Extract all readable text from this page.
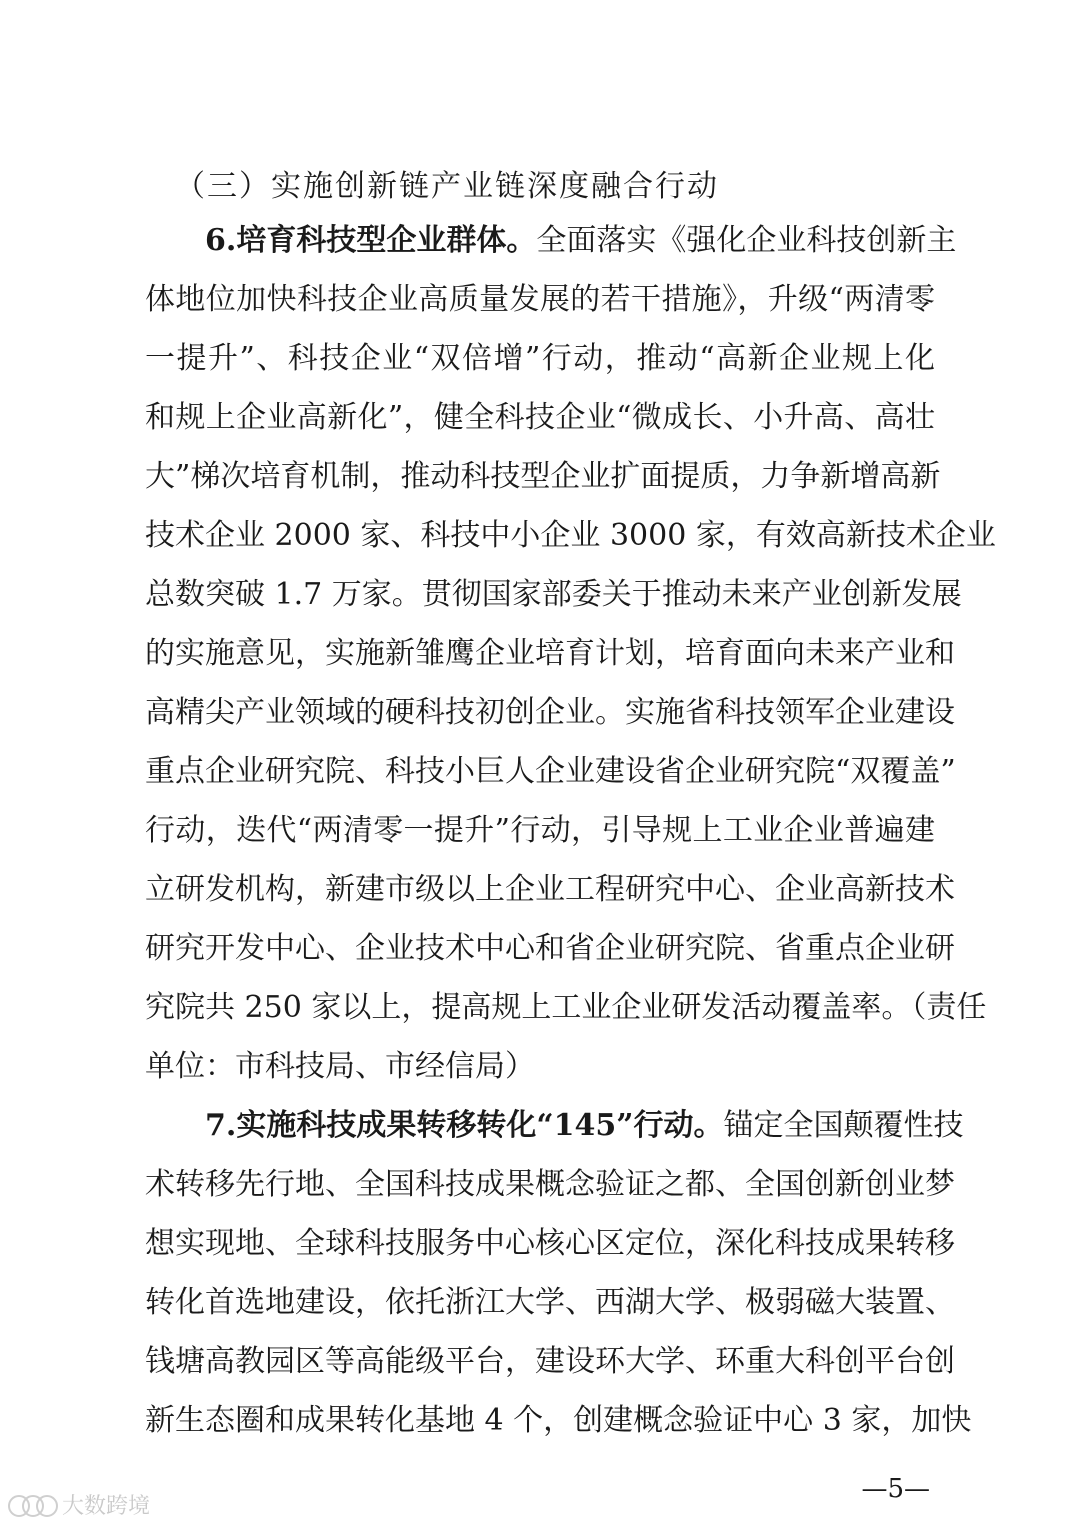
（三）实施创新链产业链深度融合行动
6.培育科技型企业群体。全面落实《强化企业科技创新主
体地位加快科技企业高质量发展的若干措施》，升级“两清零
一提升”、科技企业“双倍增”行动，推动“高新企业规上化
和规上企业高新化”，健全科技企业“微成长、小升高、高壮
大”梯次培育机制，推动科技型企业扩面提质，力争新增高新
技术企业 2000 家、科技中小企业 3000 家，有效高新技术企业
总数突破 1.7 万家。贯彻国家部委关于推动未来产业创新发展
的实施意见，实施新雏鹰企业培育计划，培育面向未来产业和
高精尖产业领域的硬科技初创企业。实施省科技领军企业建设
重点企业研究院、科技小巨人企业建设省企业研究院“双覆盖”
行动，迭代“两清零一提升”行动，引导规上工业企业普遍建
立研发机构，新建市级以上企业工程研究中心、企业高新技术
研究开发中心、企业技术中心和省企业研究院、省重点企业研
究院共 250 家以上，提高规上工业企业研发活动覆盖率。（责任
单位：市科技局、市经信局）
7.实施科技成果转移转化“145”行动。锚定全国颠覆性技
术转移先行地、全国科技成果概念验证之都、全国创新创业梦
想实现地、全球科技服务中心核心区定位，深化科技成果转移
转化首选地建设，依托浙江大学、西湖大学、极弱磁大装置、
钱塘高教园区等高能级平台，建设环大学、环重大科创平台创
新生态圈和成果转化基地 4 个，创建概念验证中心 3 家，加快
—5—
大数跨境
